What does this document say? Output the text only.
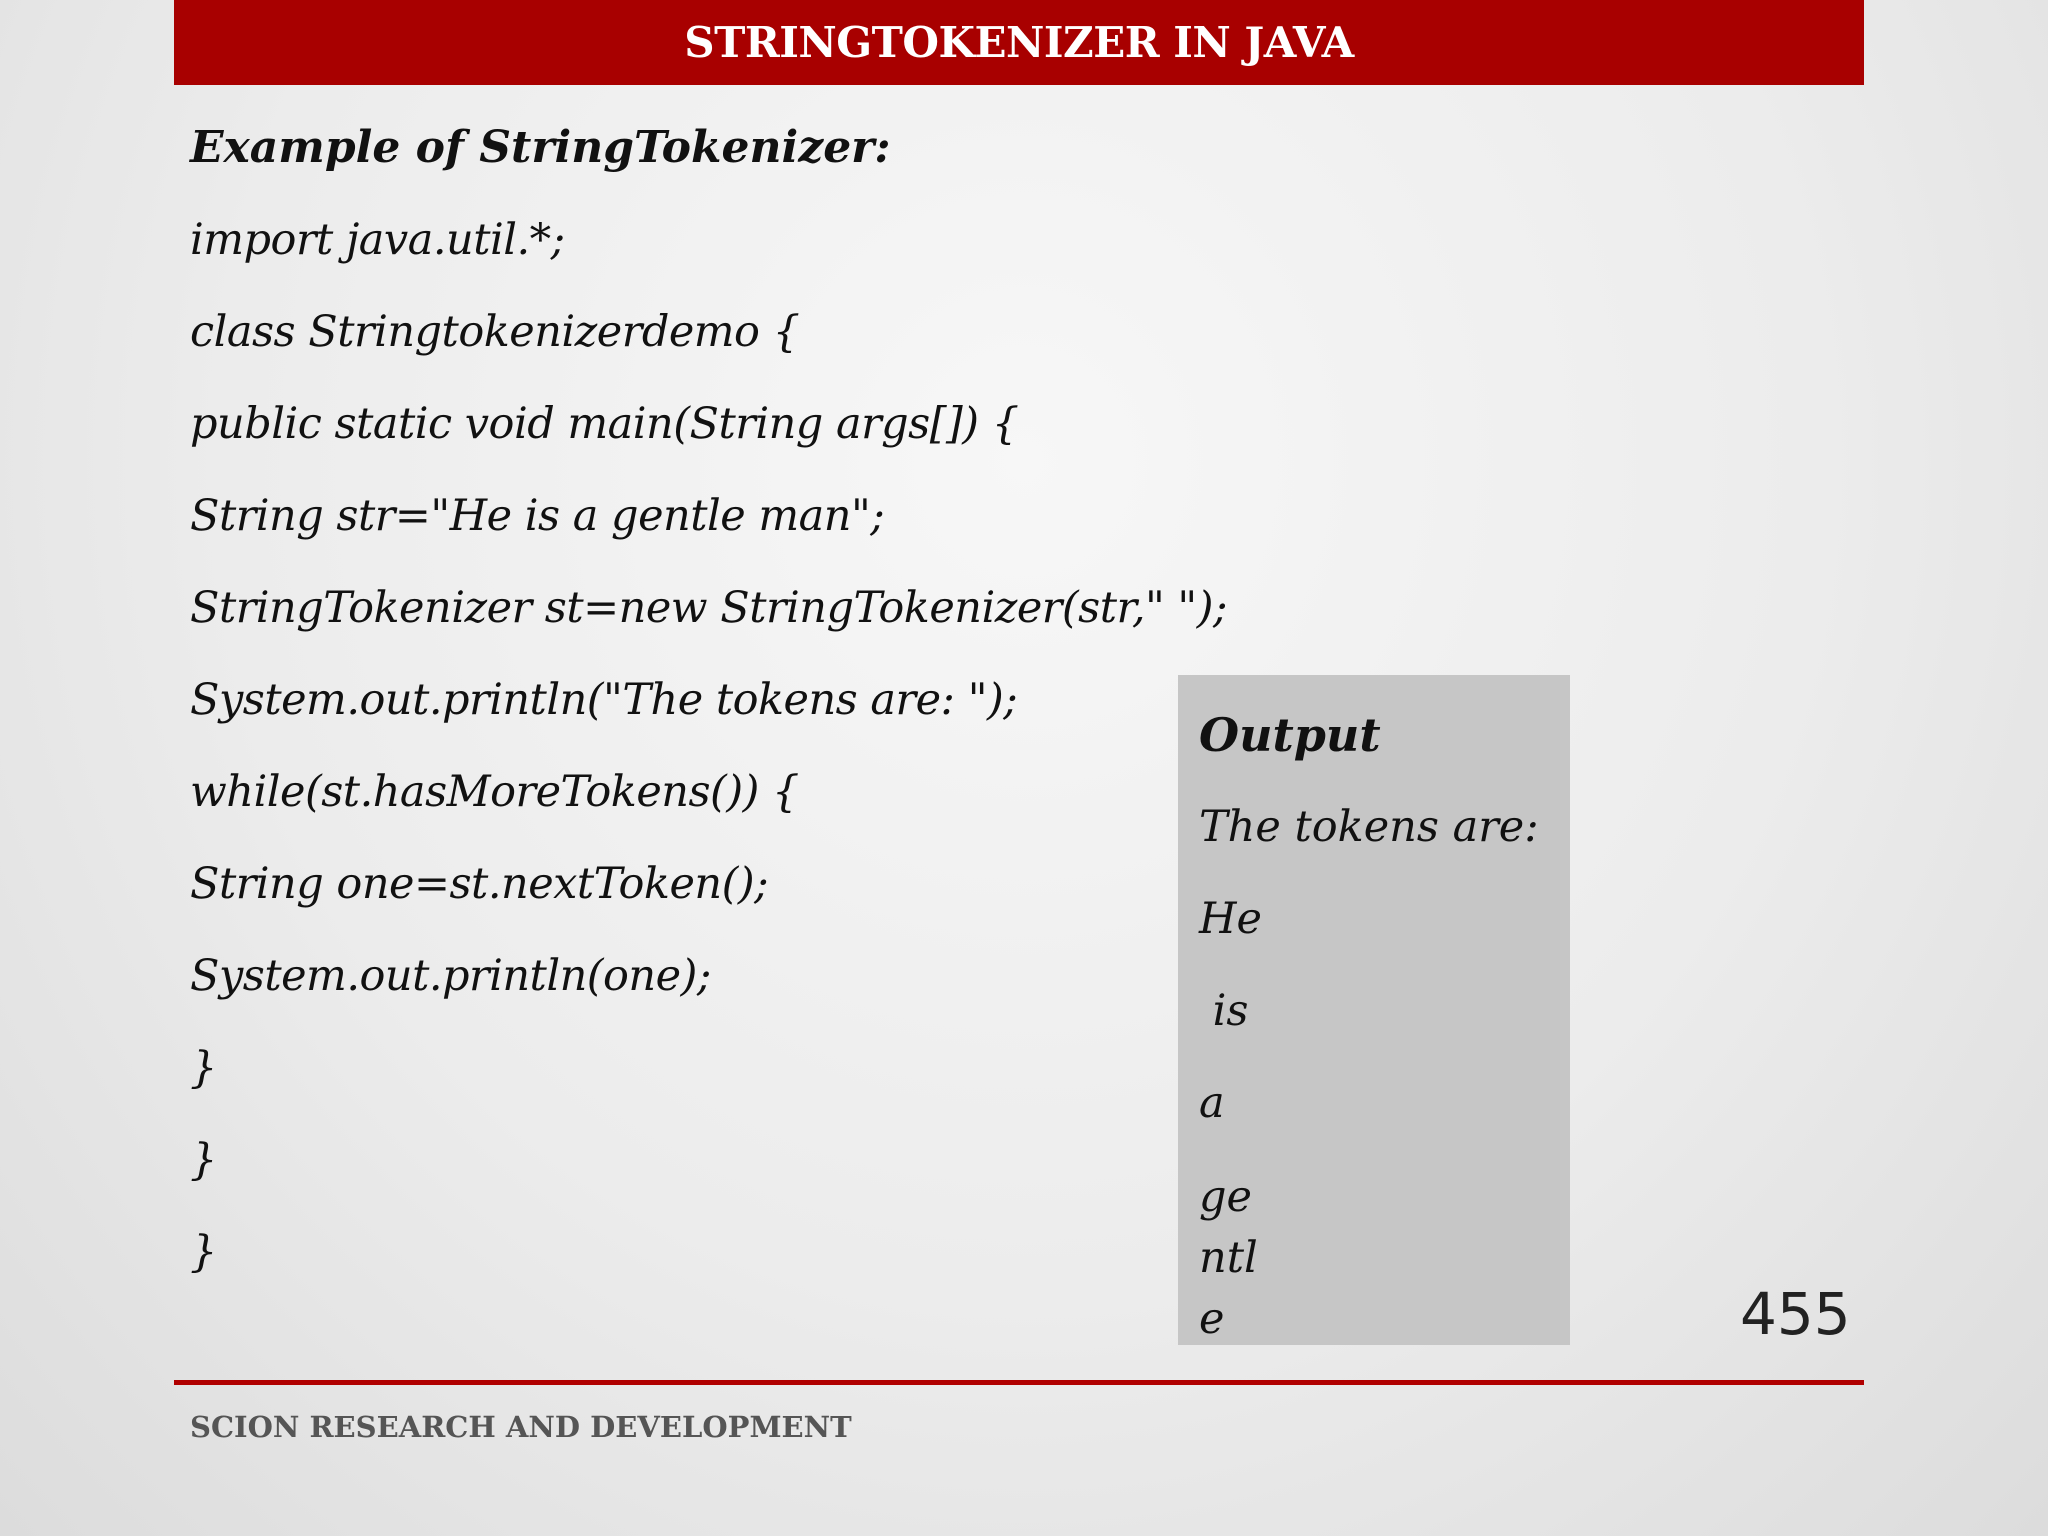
STRINGTOKENIZER IN JAVA

Example of StringTokenizer:

import java.util.*;
class Stringtokenizerdemo {
public static void main(String args[]) {
String str="He is a gentle man";
StringTokenizer st=new StringTokenizer(str," ");
System.out.println("The tokens are: ");
while(st.hasMoreTokens()) {
String one=st.nextToken();
System.out.println(one);
}
}
}
Output
The tokens are:
He
is
a
ge
ntl
e	455
SCION RESEARCH AND DEVELOPMENT
